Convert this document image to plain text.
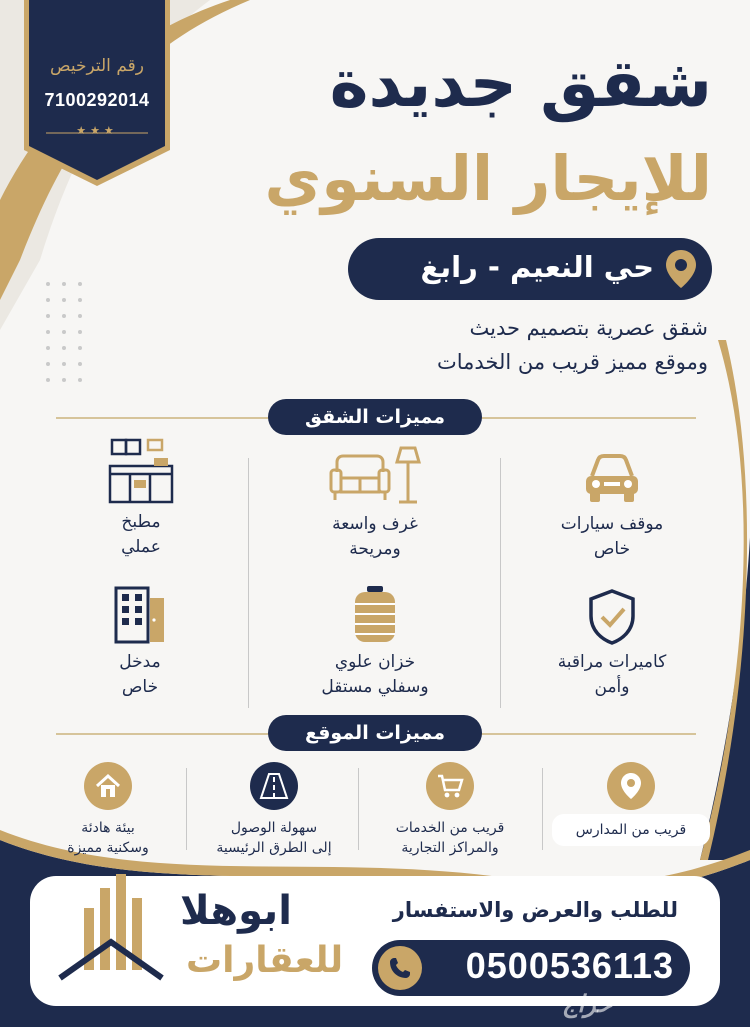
رقم الترخيص
7100292014
★★★
شقق جديدة
للإيجار السنوي
حي النعيم - رابغ
شقق عصرية بتصميم حديث
وموقع مميز قريب من الخدمات
مميزات الشقق
موقف سيارات
خاص
غرف واسعة
ومريحة
مطبخ
عملي
كاميرات مراقبة
وأمن
خزان علوي
وسفلي مستقل
مدخل
خاص
مميزات الموقع
قريب من المدارس
قريب من الخدمات
والمراكز التجارية
سهولة الوصول
إلى الطرق الرئيسية
بيئة هادئة
وسكنية مميزة
للطلب والعرض والاستفسار
0500536113
ابوهلا
للعقارات
حراج
